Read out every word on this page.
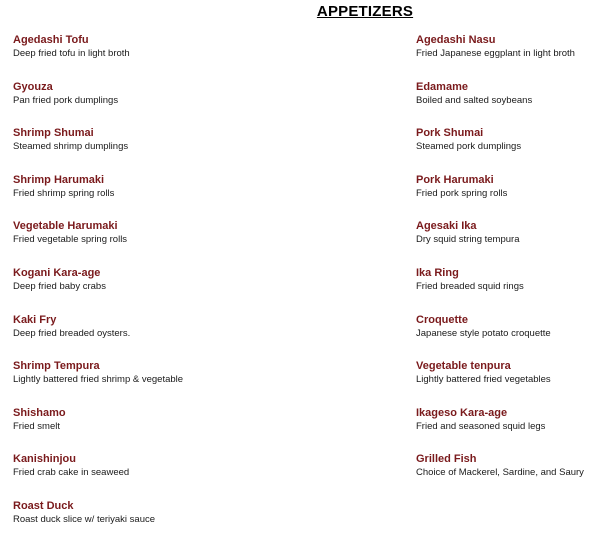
APPETIZERS
Agedashi Tofu
Deep fried tofu in light broth
Gyouza
Pan fried pork dumplings
Shrimp Shumai
Steamed shrimp dumplings
Shrimp Harumaki
Fried shrimp spring rolls
Vegetable Harumaki
Fried vegetable spring rolls
Kogani Kara-age
Deep fried baby crabs
Kaki Fry
Deep fried breaded oysters.
Shrimp Tempura
Lightly battered fried shrimp & vegetable
Shishamo
Fried smelt
Kanishinjou
Fried crab cake in seaweed
Roast Duck
Roast duck slice w/ teriyaki sauce
Agedashi Nasu
Fried Japanese eggplant in light broth
Edamame
Boiled and salted soybeans
Pork Shumai
Steamed pork dumplings
Pork Harumaki
Fried pork spring rolls
Agesaki Ika
Dry squid string tempura
Ika Ring
Fried breaded squid rings
Croquette
Japanese style potato croquette
Vegetable tenpura
Lightly battered fried vegetables
Ikageso Kara-age
Fried and seasoned squid legs
Grilled Fish
Choice of Mackerel, Sardine, and Saury
